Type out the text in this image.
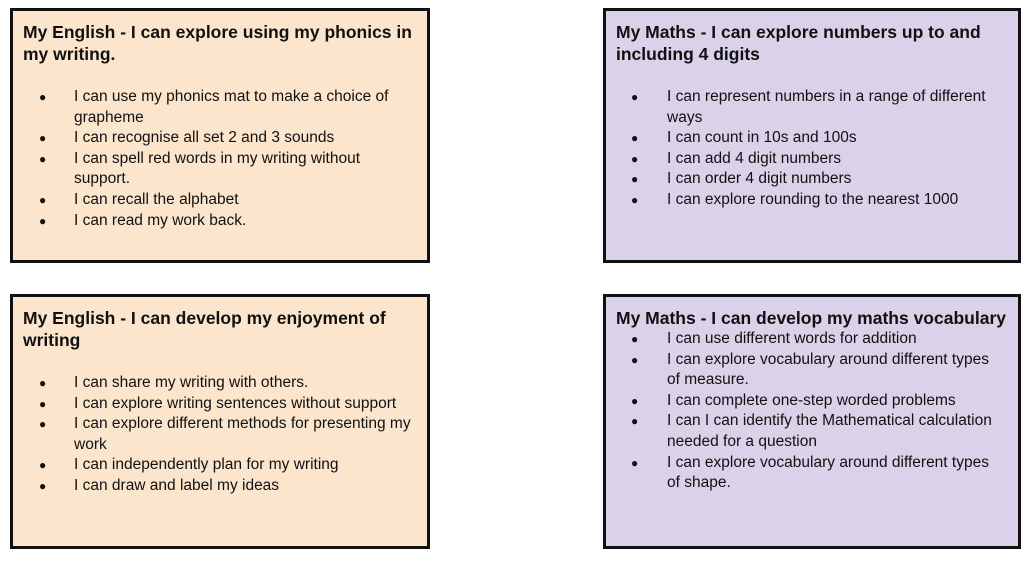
My English - I can explore using my phonics in my writing.

● I can use my phonics mat to make a choice of grapheme
● I can recognise all set 2 and 3 sounds
● I can spell red words in my writing without support.
● I can recall the alphabet
● I can read my work back.

My Maths - I can explore numbers up to and including 4 digits

● I can represent numbers in a range of different ways
● I can count in 10s and 100s
● I can add 4 digit numbers
● I can order 4 digit numbers
● I can explore rounding to the nearest 1000

My English - I can develop my enjoyment of writing

● I can share my writing with others.
● I can explore writing sentences without support
● I can explore different methods for presenting my work
● I can independently plan for my writing
● I can draw and label my ideas

My Maths - I can develop my maths vocabulary

● I can use different words for addition
● I can explore vocabulary around different types of measure.
● I can complete one-step worded problems
● I can I can identify the Mathematical calculation needed for a question
● I can explore vocabulary around different types of shape.
